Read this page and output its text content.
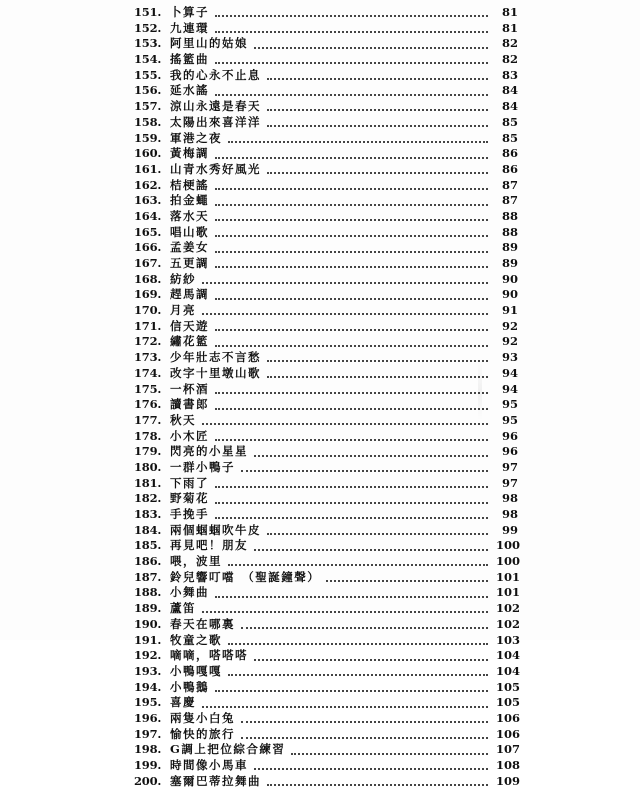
151. 卜算子	81
152. 九連環	81
153. 阿里山的姑娘	82
154. 搖籃曲	82
155. 我的心永不止息	83
156. 延水謠	84
157. 涼山永遠是春天	84
158. 太陽出來喜洋洋	85
159. 軍港之夜	85
160. 黃梅調	86
161. 山青水秀好風光	86
162. 桔梗謠	87
163. 拍金蠅	87
164. 落水天	88
165. 唱山歌	88
166. 孟姜女	89
167. 五更調	89
168. 紡紗	90
169. 趕馬調	90
170. 月亮	91
171. 信天遊	92
172. 繡花籃	92
173. 少年壯志不言愁	93
174. 改字十里墩山歌	94
175. 一杯酒	94
176. 讀書郎	95
177. 秋天	95
178. 小木匠	96
179. 閃亮的小星星	96
180. 一群小鴨子	97
181. 下雨了	97
182. 野菊花	98
183. 手挽手	98
184. 兩個蝈蝈吹牛皮	99
185. 再見吧！朋友	100
186. 喂，波里	100
187. 鈴兒響叮噹　（聖誕鐘聲）	101
188. 小舞曲	101
189. 蘆笛	102
190. 春天在哪裏	102
191. 牧童之歌	103
192. 嘀嘀，嗒嗒嗒	104
193. 小鴨嘎嘎	104
194. 小鴨鵝	105
195. 喜慶	105
196. 兩隻小白兔	106
197. 愉快的旅行	106
198. G調上把位綜合練習	107
199. 時間像小馬車	108
200. 塞爾巴蒂拉舞曲	109
